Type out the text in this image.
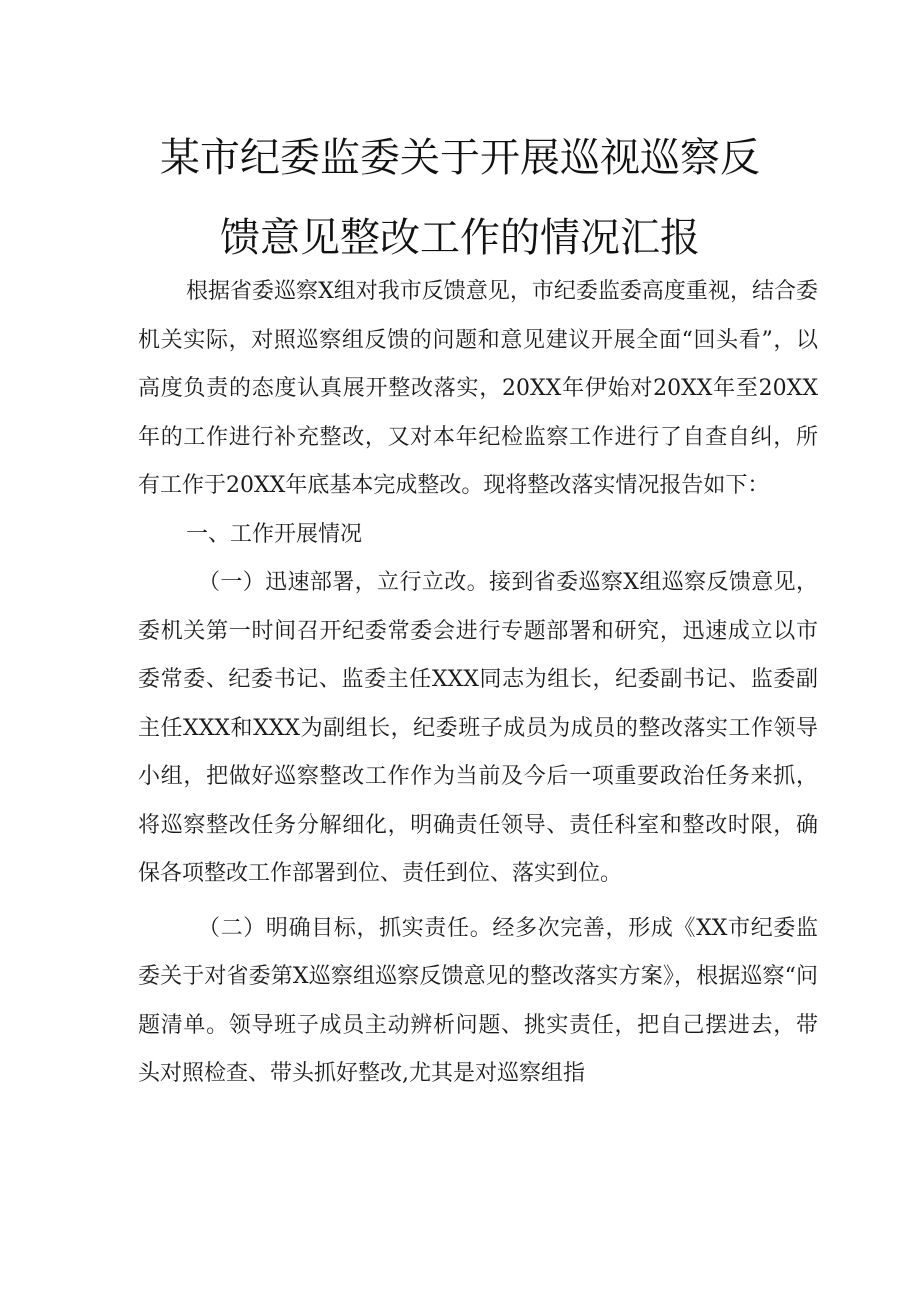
某市纪委监委关于开展巡视巡察反
馈意见整改工作的情况汇报

根据省委巡察X组对我市反馈意见，市纪委监委高度重视，结合委机关实际，对照巡察组反馈的问题和意见建议开展全面“回头看”，以高度负责的态度认真展开整改落实，20XX年伊始对20XX年至20XX年的工作进行补充整改，又对本年纪检监察工作进行了自查自纠，所有工作于20XX年底基本完成整改。现将整改落实情况报告如下：

一、工作开展情况

（一）迅速部署，立行立改。接到省委巡察X组巡察反馈意见，委机关第一时间召开纪委常委会进行专题部署和研究，迅速成立以市委常委、纪委书记、监委主任XXX同志为组长，纪委副书记、监委副主任XXX和XXX为副组长，纪委班子成员为成员的整改落实工作领导小组，把做好巡察整改工作作为当前及今后一项重要政治任务来抓，将巡察整改任务分解细化，明确责任领导、责任科室和整改时限，确保各项整改工作部署到位、责任到位、落实到位。

（二）明确目标，抓实责任。经多次完善，形成《XX市纪委监委关于对省委第X巡察组巡察反馈意见的整改落实方案》，根据巡察“问题清单。领导班子成员主动辨析问题、挑实责任，把自己摆进去，带头对照检查、带头抓好整改,尤其是对巡察组指
